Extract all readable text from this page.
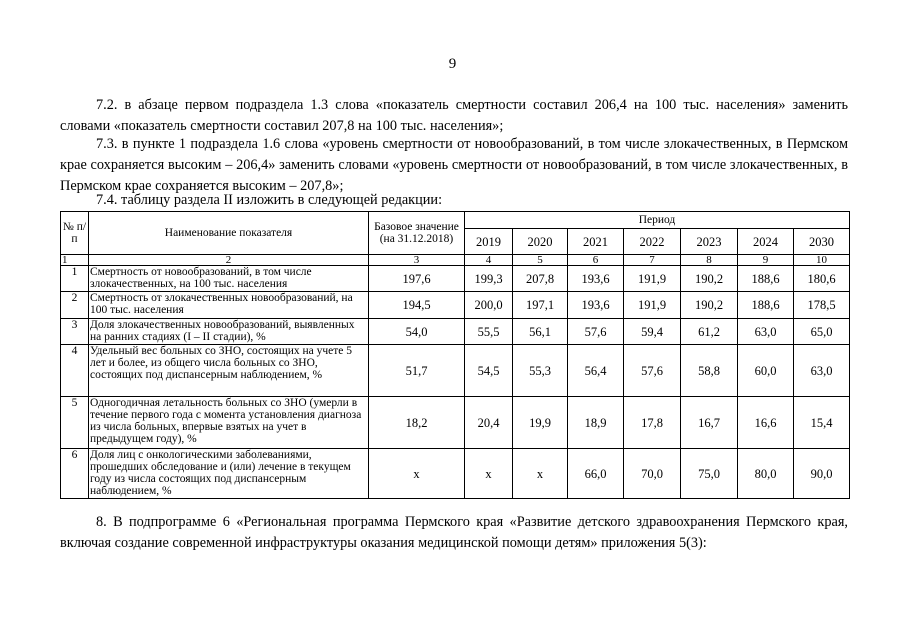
9
7.2. в абзаце первом подраздела 1.3 слова «показатель смертности составил 206,4 на 100 тыс. населения» заменить словами «показатель смертности составил 207,8 на 100 тыс. населения»;
7.3. в пункте 1 подраздела 1.6 слова «уровень смертности от новообразований, в том числе злокачественных, в Пермском крае сохраняется высоким – 206,4» заменить словами «уровень смертности от новообразований, в том числе злокачественных, в Пермском крае сохраняется высоким – 207,8»;
7.4. таблицу раздела II изложить в следующей редакции:
№ п/п	Наименование показателя	Базовое значение (на 31.12.2018)	Период						
			2019	2020	2021	2022	2023	2024	2030
1	2	3	4	5	6	7	8	9	10
1	Смертность от новообразований, в том числе злокачественных, на 100 тыс. населения	197,6	199,3	207,8	193,6	191,9	190,2	188,6	180,6
2	Смертность от злокачественных новообразований, на 100 тыс. населения	194,5	200,0	197,1	193,6	191,9	190,2	188,6	178,5
3	Доля злокачественных новообразований, выявленных на ранних стадиях (I – II стадии), %	54,0	55,5	56,1	57,6	59,4	61,2	63,0	65,0
4	Удельный вес больных со ЗНО, состоящих на учете 5 лет и более, из общего числа больных со ЗНО, состоящих под диспансерным наблюдением, %	51,7	54,5	55,3	56,4	57,6	58,8	60,0	63,0
5	Одногодичная летальность больных со ЗНО (умерли в течение первого года с момента установления диагноза из числа больных, впервые взятых на учет в предыдущем году), %	18,2	20,4	19,9	18,9	17,8	16,7	16,6	15,4
6	Доля лиц с онкологическими заболеваниями, прошедших обследование и (или) лечение в текущем году из числа состоящих под диспансерным наблюдением, %	x	x	x	66,0	70,0	75,0	80,0	90,0
8. В подпрограмме 6 «Региональная программа Пермского края «Развитие детского здравоохранения Пермского края, включая создание современной инфраструктуры оказания медицинской помощи детям» приложения 5(3):
